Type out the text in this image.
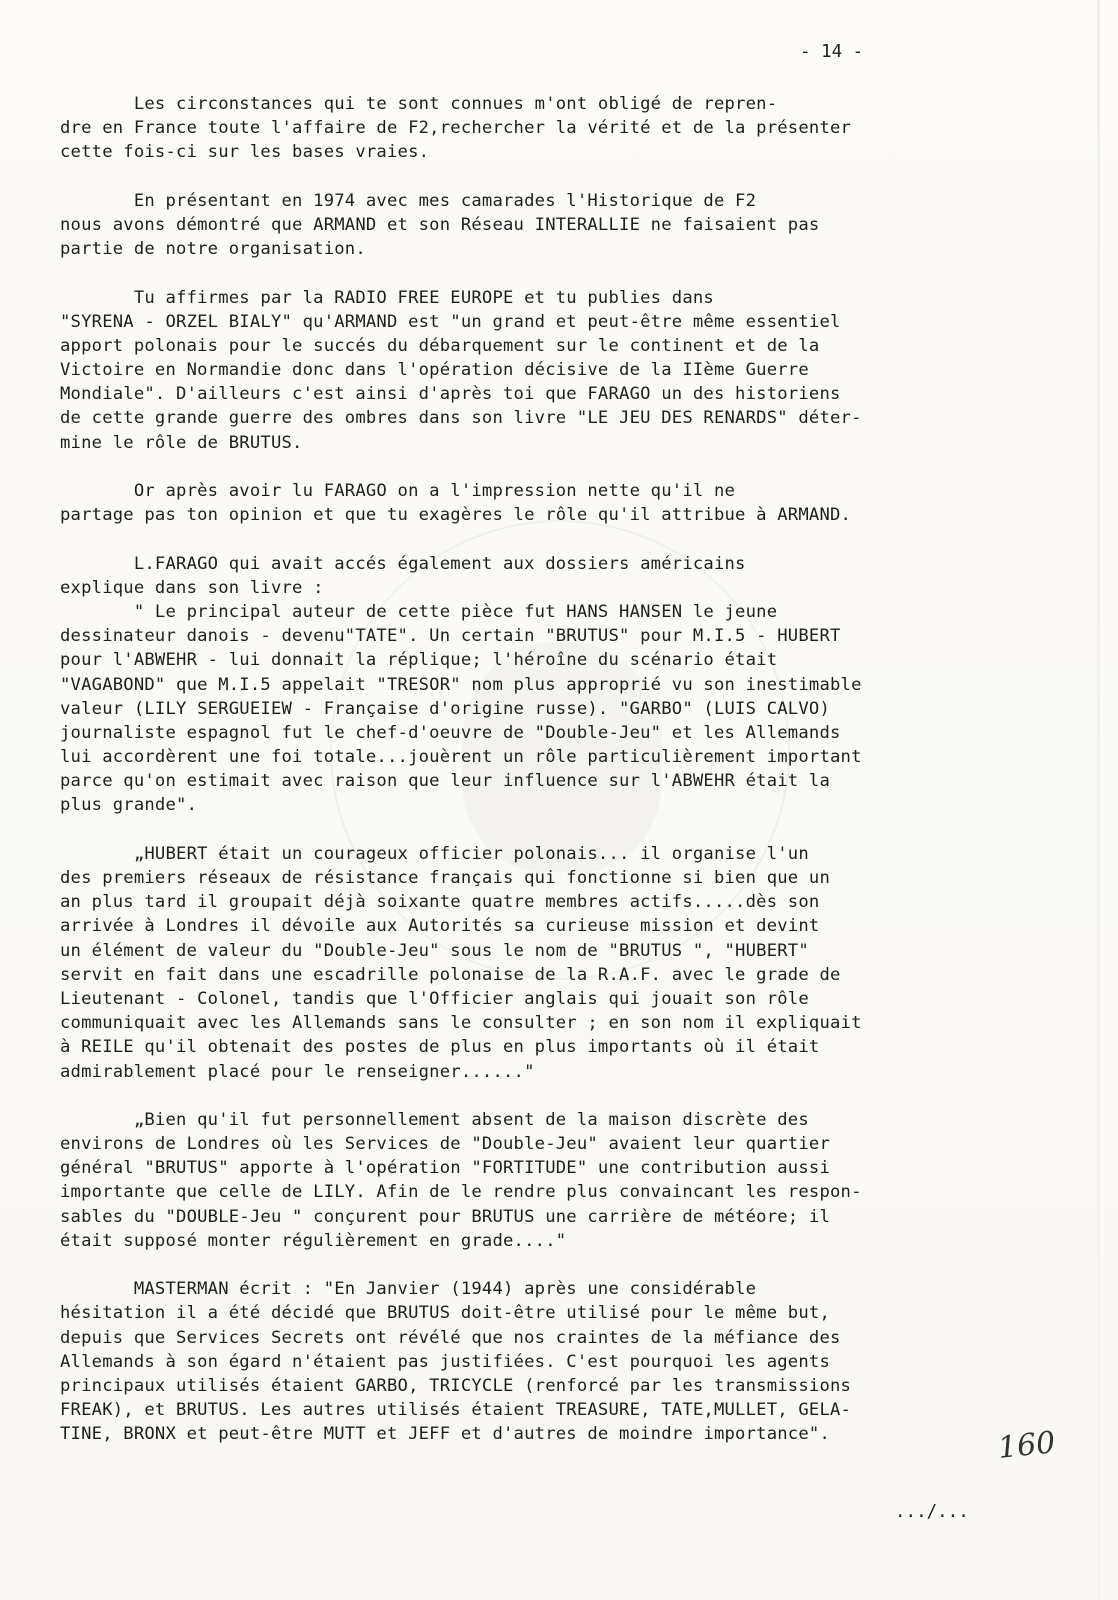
- 14 -
Les circonstances qui te sont connues m'ont obligé de repren-
dre en France toute l'affaire de F2,rechercher la vérité et de la présenter
cette fois-ci sur les bases vraies.
En présentant en 1974 avec mes camarades l'Historique de F2
nous avons démontré que ARMAND et son Réseau INTERALLIE ne faisaient pas
partie de notre organisation.
Tu affirmes par la RADIO FREE EUROPE et tu publies dans
"SYRENA - ORZEL BIALY" qu'ARMAND est "un grand et peut-être même essentiel
apport polonais pour le succés du débarquement sur le continent et de la
Victoire en Normandie donc dans l'opération décisive de la IIème Guerre
Mondiale". D'ailleurs c'est ainsi d'après toi que FARAGO un des historiens
de cette grande guerre des ombres dans son livre "LE JEU DES RENARDS" déter-
mine le rôle de BRUTUS.
Or après avoir lu FARAGO on a l'impression nette qu'il ne
partage pas ton opinion et que tu exagères le rôle qu'il attribue à ARMAND.
L.FARAGO qui avait accés également aux dossiers américains
explique dans son livre :
" Le principal auteur de cette pièce fut HANS HANSEN le jeune
dessinateur danois - devenu"TATE". Un certain "BRUTUS" pour M.I.5 - HUBERT
pour l'ABWEHR - lui donnait la réplique; l'héroîne du scénario était
"VAGABOND" que M.I.5 appelait "TRESOR" nom plus approprié vu son inestimable
valeur (LILY SERGUEIEW - Française d'origine russe). "GARBO" (LUIS CALVO)
journaliste espagnol fut le chef-d'oeuvre de "Double-Jeu" et les Allemands
lui accordèrent une foi totale...jouèrent un rôle particulièrement important
parce qu'on estimait avec raison que leur influence sur l'ABWEHR était la
plus grande".
„HUBERT était un courageux officier polonais... il organise l'un
des premiers réseaux de résistance français qui fonctionne si bien que un
an plus tard il groupait déjà soixante quatre membres actifs.....dès son
arrivée à Londres il dévoile aux Autorités sa curieuse mission et devint
un élément de valeur du "Double-Jeu" sous le nom de "BRUTUS ", "HUBERT"
servit en fait dans une escadrille polonaise de la R.A.F. avec le grade de
Lieutenant - Colonel, tandis que l'Officier anglais qui jouait son rôle
communiquait avec les Allemands sans le consulter ; en son nom il expliquait
à REILE qu'il obtenait des postes de plus en plus importants où il était
admirablement placé pour le renseigner......"
„Bien qu'il fut personnellement absent de la maison discrète des
environs de Londres où les Services de "Double-Jeu" avaient leur quartier
général "BRUTUS" apporte à l'opération "FORTITUDE" une contribution aussi
importante que celle de LILY. Afin de le rendre plus convaincant les respon-
sables du "DOUBLE-Jeu " conçurent pour BRUTUS une carrière de météore; il
était supposé monter régulièrement en grade...."
MASTERMAN écrit : "En Janvier (1944) après une considérable
hésitation il a été décidé que BRUTUS doit-être utilisé pour le même but,
depuis que Services Secrets ont révélé que nos craintes de la méfiance des
Allemands à son égard n'étaient pas justifiées. C'est pourquoi les agents
principaux utilisés étaient GARBO, TRICYCLE (renforcé par les transmissions
FREAK), et BRUTUS. Les autres utilisés étaient TREASURE, TATE,MULLET, GELA-
TINE, BRONX et peut-être MUTT et JEFF et d'autres de moindre importance".	160
.../...
